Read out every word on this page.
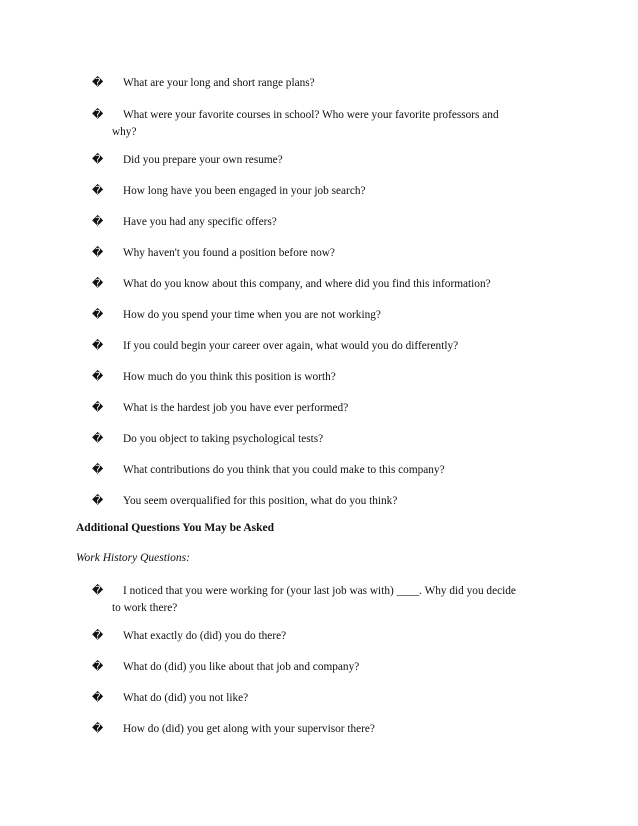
� What are your long and short range plans?
� What were your favorite courses in school? Who were your favorite professors and
why?
� Did you prepare your own resume?
� How long have you been engaged in your job search?
� Have you had any specific offers?
� Why haven't you found a position before now?
� What do you know about this company, and where did you find this information?
� How do you spend your time when you are not working?
� If you could begin your career over again, what would you do differently?
� How much do you think this position is worth?
� What is the hardest job you have ever performed?
� Do you object to taking psychological tests?
� What contributions do you think that you could make to this company?
� You seem overqualified for this position, what do you think?
Additional Questions You May be Asked
Work History Questions:
� I noticed that you were working for (your last job was with) ____. Why did you decide
to work there?
� What exactly do (did) you do there?
� What do (did) you like about that job and company?
� What do (did) you not like?
� How do (did) you get along with your supervisor there?
